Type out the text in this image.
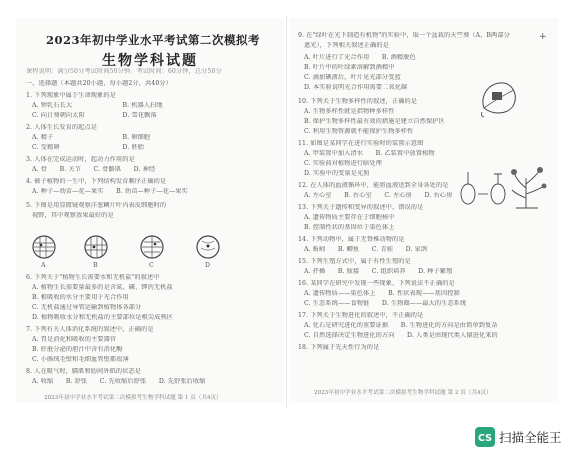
2023年初中学业水平考试第二次模拟考
生物学科试题
课程说明：满分50分考试时间50分钟。考试时间：60分钟，总分50分
一、选择题（本题共20小题，每小题2分，共40分）
1. 下列现象中属于生命现象的是
A. 钟乳石长大　　　　　　　　B. 机器人扫地
C. 向日葵朝向太阳　　　　　　D. 雪花飘落
2. 人体生长发育的起点是
A. 精子　　　　　　　　　　　B. 卵细胞
C. 受精卵　　　　　　　　　　D. 胚胎
3. 人体在完成运动时，起动力作用的是
A. 骨　　B. 关节　　C. 骨骼肌　　D. 神经
4. 被子植物的一生中，下列结构发育顺序正确的是
A. 种子—幼苗—花—果实　　B. 幼苗—种子—花—果实
5. 下图是用显微镜观察洋葱鳞片叶内表皮细胞时的
视野，其中观察效果最好的是
A	B	C	D
6. 下列关于"植物生长需要水和无机盐"的叙述中
A. 植物生长需要量最多的是含氮、磷、钾的无机盐
B. 根吸收的水分主要用于光合作用
C. 无机盐通过导管运输到植物体各部分
D. 植物吸收水分和无机盐的主要部位是根尖成熟区
7. 下列有关人体消化系统的叙述中，正确的是
A. 胃是消化和吸收的主要器官
B. 肝脏分泌的胆汁中含有消化酶
C. 小肠绒毛壁和毛细血管壁都很薄
8. 人在吸气时，膈肌和肋间外肌的状态是
A. 收缩　　B. 舒张　　C. 先收缩后舒张　　D. 先舒张后收缩
2023年初中学业水平考试第二次模拟考生物学科试题 第 1 页（共4页）
+
9. 在"绿叶在光下制造有机物"的实验中，取一个盆栽的天竺葵（A、B两部分
遮光），下列相关叙述正确的是
A. 叶片进行了光合作用　　B. 酒精脱色
B. 叶片中的叶绿素溶解到酒精中
C. 滴加碘液后，叶片见光部分变蓝
D. 本实验说明光合作用需要二氧化碳
10. 下列关于生物多样性的叙述，正确的是
A. 生物多样性就是指物种多样性
B. 保护生物多样性最有效的措施是建立自然保护区
C. 利用生物资源就不能保护生物多样性
11. 如图是某同学在进行实验时的装置示意图
A. 甲装置中加入清水　　B. 乙装置中放置植物
C. 实验前对植物进行暗处理
D. 实验中的变量是光照
12. 在人体的血液循环中，能将血液送到全身各处的是
A. 左心室　　B. 右心室　　C. 左心房　　D. 右心房
13. 下列关于遗传和变异的叙述中，错误的是
A. 遗传物质主要存在于细胞核中
B. 控制性状的基因位于染色体上
14. 下列动物中，属于无脊椎动物的是
A. 蚯蚓　　B. 鲫鱼　　C. 青蛙　　D. 家鸽
15. 下列生殖方式中，属于有性生殖的是
A. 扦插　　B. 嫁接　　C. 组织培养　　D. 种子繁殖
16. 某同学在研究中发现一些现象，下列说法不正确的是
A. 遗传物质——染色体上　　B. 性状表现——基因控制
C. 生态系统——食物链　　D. 生物圈——最大的生态系统
17. 下列关于生物进化的叙述中，不正确的是
A. 化石是研究进化的重要证据　　B. 生物进化的方向是由简单到复杂
C. 自然选择决定生物进化的方向　　D. 人类是由现代类人猿进化来的
18. 下列属于先天性行为的是
2023年初中学业水平考试第二次模拟考生物学科试题 第 2 页（共4页）
CS 扫描全能王
